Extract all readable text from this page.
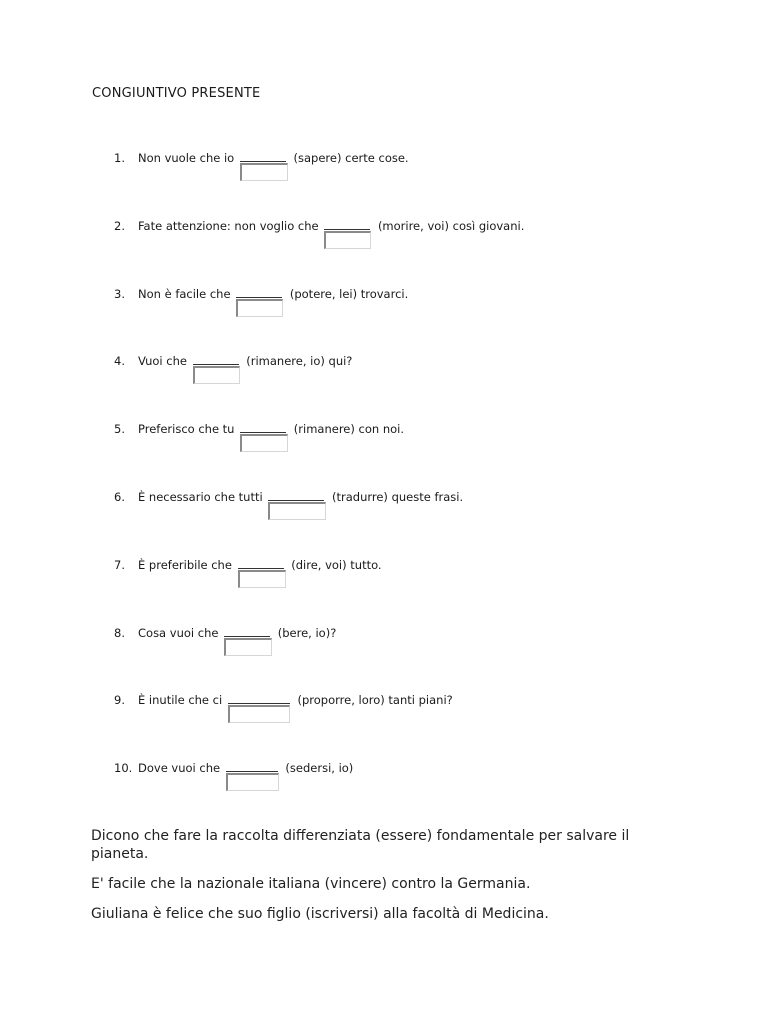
CONGIUNTIVO PRESENTE
1. Non vuole che io	(sapere) certe cose.
2. Fate attenzione: non voglio che	(morire, voi) così giovani.
3. Non è facile che	(potere, lei) trovarci.
4. Vuoi che	(rimanere, io) qui?
5. Preferisco che tu	(rimanere) con noi.
6. È necessario che tutti	(tradurre) queste frasi.
7. È preferibile che	(dire, voi) tutto.
8. Cosa vuoi che	(bere, io)?
9. È inutile che ci	(proporre, loro) tanti piani?
10. Dove vuoi che	(sedersi, io)
Dicono che fare la raccolta differenziata (essere) fondamentale per salvare il pianeta.
E' facile che la nazionale italiana (vincere) contro la Germania.
Giuliana è felice che suo figlio (iscriversi) alla facoltà di Medicina.
